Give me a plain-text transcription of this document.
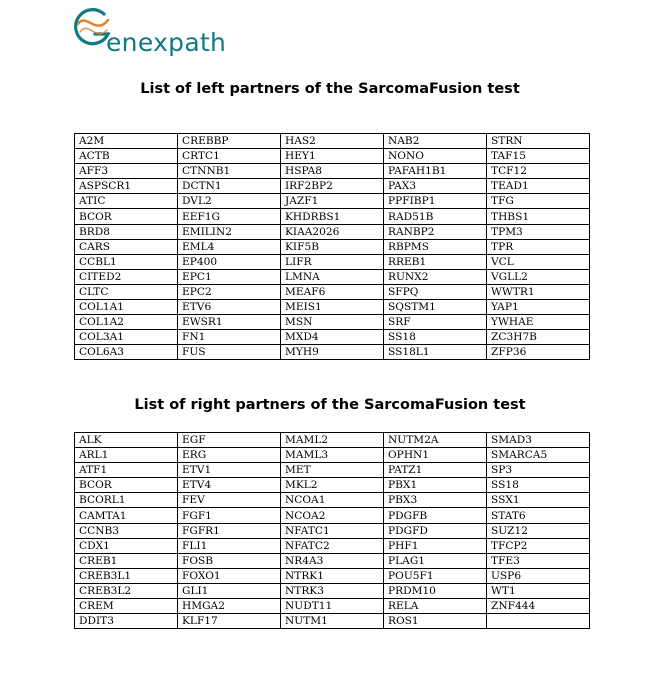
enexpath
List of left partners of the SarcomaFusion test
A2M	CREBBP	HAS2	NAB2	STRN
ACTB	CRTC1	HEY1	NONO	TAF15
AFF3	CTNNB1	HSPA8	PAFAH1B1	TCF12
ASPSCR1	DCTN1	IRF2BP2	PAX3	TEAD1
ATIC	DVL2	JAZF1	PPFIBP1	TFG
BCOR	EEF1G	KHDRBS1	RAD51B	THBS1
BRD8	EMILIN2	KIAA2026	RANBP2	TPM3
CARS	EML4	KIF5B	RBPMS	TPR
CCBL1	EP400	LIFR	RREB1	VCL
CITED2	EPC1	LMNA	RUNX2	VGLL2
CLTC	EPC2	MEAF6	SFPQ	WWTR1
COL1A1	ETV6	MEIS1	SQSTM1	YAP1
COL1A2	EWSR1	MSN	SRF	YWHAE
COL3A1	FN1	MXD4	SS18	ZC3H7B
COL6A3	FUS	MYH9	SS18L1	ZFP36
List of right partners of the SarcomaFusion test
ALK	EGF	MAML2	NUTM2A	SMAD3
ARL1	ERG	MAML3	OPHN1	SMARCA5
ATF1	ETV1	MET	PATZ1	SP3
BCOR	ETV4	MKL2	PBX1	SS18
BCORL1	FEV	NCOA1	PBX3	SSX1
CAMTA1	FGF1	NCOA2	PDGFB	STAT6
CCNB3	FGFR1	NFATC1	PDGFD	SUZ12
CDX1	FLI1	NFATC2	PHF1	TFCP2
CREB1	FOSB	NR4A3	PLAG1	TFE3
CREB3L1	FOXO1	NTRK1	POU5F1	USP6
CREB3L2	GLI1	NTRK3	PRDM10	WT1
CREM	HMGA2	NUDT11	RELA	ZNF444
DDIT3	KLF17	NUTM1	ROS1	
